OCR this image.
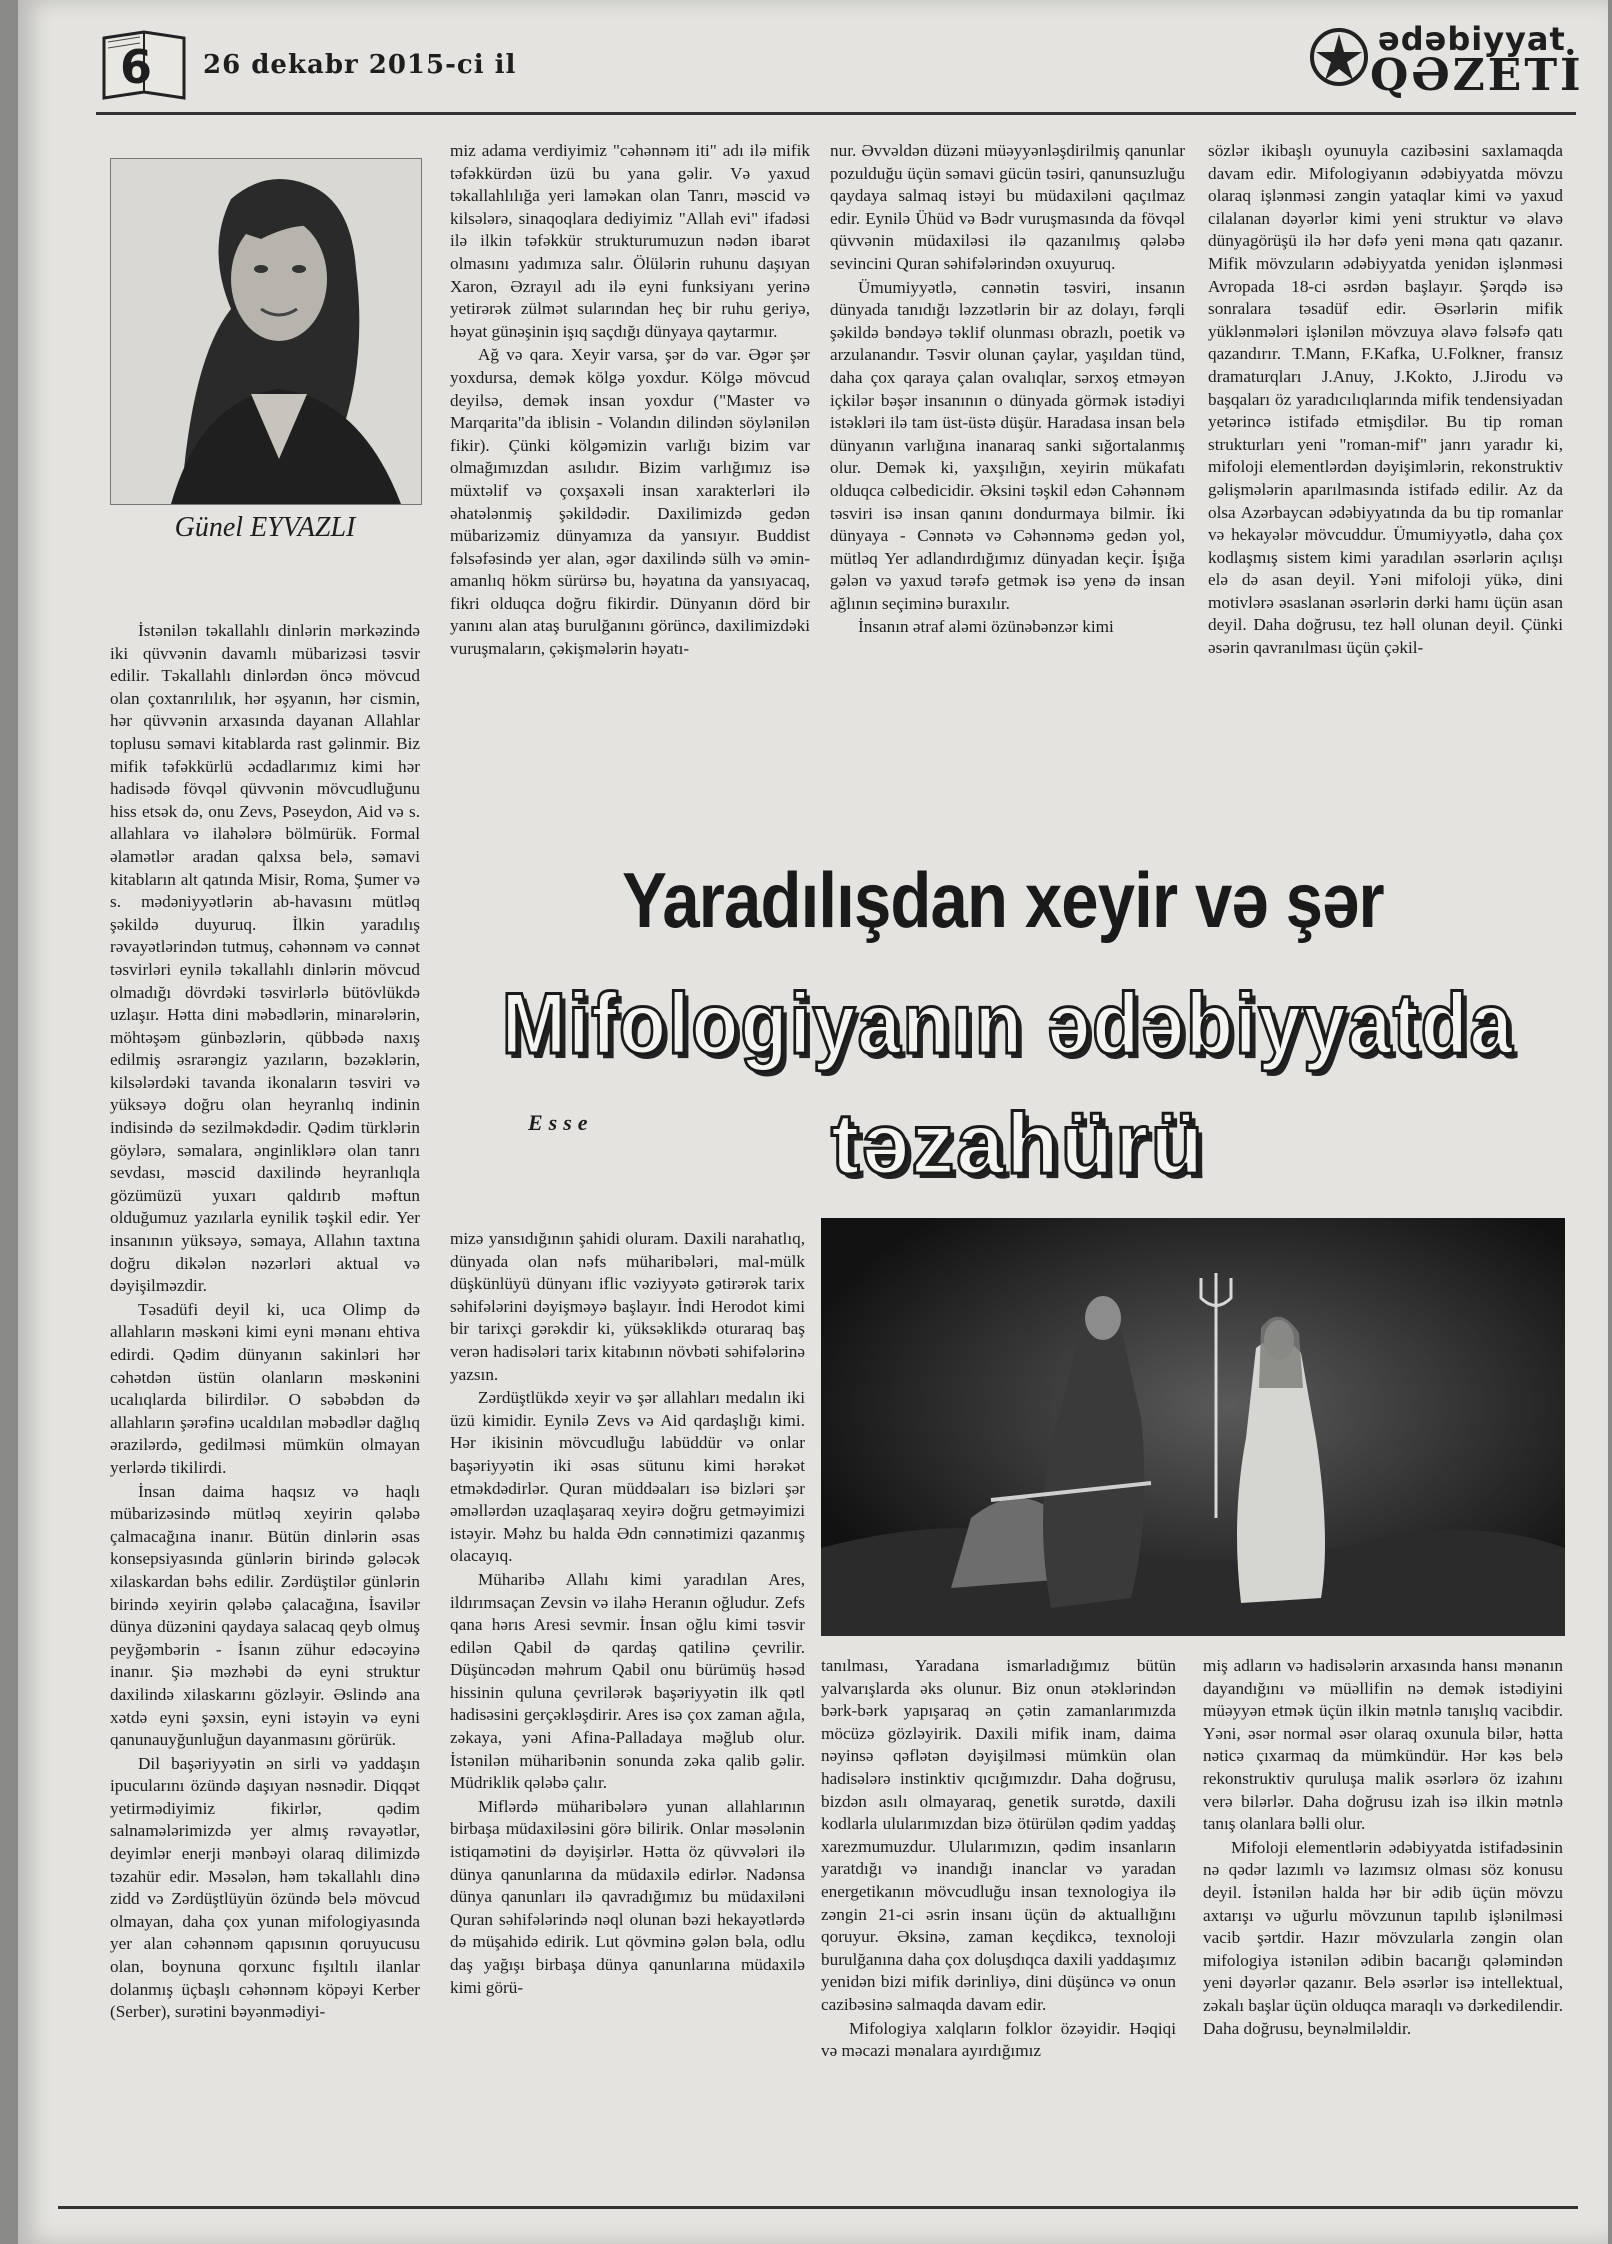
6 26 dekabr 2015-ci il
ədəbiyyat
QƏZETİ
Günel EYVAZLI

İstənilən təkallahlı dinlərin mərkəzində iki qüvvənin davamlı mübarizəsi təsvir edilir. Təkallahlı dinlərdən öncə mövcud olan çoxtanrılılık, hər əşyanın, hər cismin, hər qüvvənin arxasında dayanan Allahlar toplusu səmavi kitablarda rast gəlinmir. Biz mifik təfəkkürlü əcdadlarımız kimi hər hadisədə fövqəl qüvvənin mövcudluğunu hiss etsək də, onu Zevs, Pəseydon, Aid və s. allahlara və ilahələrə bölmürük. Formal əlamətlər aradan qalxsa belə, səmavi kitabların alt qatında Misir, Roma, Şumer və s. mədəniyyətlərin ab-havasını mütləq şəkildə duyuruq. İlkin yaradılış rəvayətlərindən tutmuş, cəhənnəm və cənnət təsvirləri eynilə təkallahlı dinlərin mövcud olmadığı dövrdəki təsvirlərlə bütövlükdə uzlaşır. Hətta dini məbədlərin, minarələrin, möhtəşəm günbəzlərin, qübbədə naxış edilmiş əsrarəngiz yazıların, bəzəklərin, kilsələrdəki tavanda ikonaların təsviri və yüksəyə doğru olan heyranlıq indinin indisində də sezilməkdədir. Qədim türklərin göylərə, səmalara, ənginliklərə olan tanrı sevdası, məscid daxilində heyranlıqla gözümüzü yuxarı qaldırıb məftun olduğumuz yazılarla eynilik təşkil edir. Yer insanının yüksəyə, səmaya, Allahın taxtına doğru dikələn nəzərləri aktual və dəyişilməzdir.

Təsadüfi deyil ki, ucа Olimp də allahların məskəni kimi eyni mənanı ehtiva edirdi. Qədim dünyanın sakinləri hər cəhətdən üstün olanların məskənini ucalıqlarda bilirdilər. O səbəbdən də allahların şərəfinə ucaldılan məbədlər dağlıq ərazilərdə, gedilməsi mümkün olmayan yerlərdə tikilirdi.

İnsan daima haqsız və haqlı mübarizəsində mütləq xeyirin qələbə çalmacağına inanır. Bütün dinlərin əsas konsepsiyasında günlərin birində gələcək xilaskardan bəhs edilir. Zərdüştilər günlərin birində xeyirin qələbə çalacağına, İsavilər dünya düzənini qaydaya salacaq qeyb olmuş peyğəmbərin - İsanın zühur edəcəyinə inanır. Şiə məzhəbi də eyni struktur daxilində xilaskarını gözləyir. Əslində ana xətdə eyni şəxsin, eyni istəyin və eyni qanunauyğunluğun dayanmasını görürük.

Dil başəriyyətin ən sirli və yaddaşın ipucularını özündə daşıyan nəsnədir. Diqqət yetirmədiyimiz fikirlər, qədim salnamələrimizdə yer almış rəvayətlər, deyimlər enerji mənbəyi olaraq dilimizdə təzahür edir. Məsələn, həm təkallahlı dinə zidd və Zərdüştlüyün özündə belə mövcud olmayan, daha çox yunan mifologiyasında yer alan cəhənnəm qapısının qoruyucusu olan, boynuna qorxunc fışıltılı ilanlar dolanmış üçbaşlı cəhənnəm köpəyi Kerber (Serber), surətini bəyənmədiyi-

miz adama verdiyimiz "cəhənnəm iti" adı ilə mifik təfəkkürdən üzü bu yana gəlir. Və yaxud təkallahlılığa yeri laməkan olan Tanrı, məscid və kilsələrə, sinaqoqlara dediyimiz "Allah evi" ifadəsi ilə ilkin təfəkkür strukturumuzun nədən ibarət olmasını yadımıza salır. Ölülərin ruhunu daşıyan Xaron, Əzrayıl adı ilə eyni funksiyanı yerinə yetirərək zülmət sularından heç bir ruhu geriyə, həyat günəşinin işıq saçdığı dünyaya qaytarmır.

Ağ və qara. Xeyir varsa, şər də var. Əgər şər yoxdursa, demək kölgə yoxdur. Kölgə mövcud deyilsə, demək insan yoxdur ("Master və Marqarita"da iblisin - Volandın dilindən söylənilən fikir). Çünki kölgəmizin varlığı bizim var olmağımızdan asılıdır. Bizim varlığımız isə müxtəlif və çoxşaxəli insan xarakterləri ilə əhatələnmiş şəkildədir. Daxilimizdə gedən mübarizəmiz dünyamıza da yansıyır. Buddist fəlsəfəsində yer alan, əgər daxilində sülh və əmin-amanlıq hökm sürürsə bu, həyatına da yansıyacaq, fikri olduqca doğru fikirdir. Dünyanın dörd bir yanını alan ataş burulğanını görüncə, daxilimizdəki vuruşmaların, çəkişmələrin həyatı-

nur. Əvvəldən düzəni müəyyənləşdirilmiş qanunlar pozulduğu üçün səmavi gücün təsiri, qanunsuzluğu qaydaya salmaq istəyi bu müdaxiləni qaçılmaz edir. Eynilə Ühüd və Bədr vuruşmasında da fövqəl qüvvənin müdaxiləsi ilə qazanılmış qələbə sevincini Quran səhifələrindən oxuyuruq.

Ümumiyyətlə, cənnətin təsviri, insanın dünyada tanıdığı ləzzətlərin bir az dolayı, fərqli şəkildə bəndəyə təklif olunması obrazlı, poetik və arzulanandır. Təsvir olunan çaylar, yaşıldan tünd, daha çox qaraya çalan ovalıqlar, sərxoş etməyən içkilər bəşər insanının o dünyada görmək istədiyi istəkləri ilə tam üst-üstə düşür. Haradasa insan belə dünyanın varlığına inanaraq sanki sığortalanmış olur. Demək ki, yaxşılığın, xeyirin mükafatı olduqca cəlbedicidir. Əksini təşkil edən Cəhənnəm təsviri isə insan qanını dondurmaya bilmir. İki dünyaya - Cənnətə və Cəhənnəmə gedən yol, mütləq Yer adlandırdığımız dünyadan keçir. İşığa gələn və yaxud tərəfə getmək isə yenə də insan ağlının seçiminə buraxılır.

İnsanın ətraf aləmi özünəbənzər kimi

sözlər ikibaşlı oyunuyla cazibəsini saxlamaqda davam edir. Mifologiyanın ədəbiyyatda mövzu olaraq işlənməsi zəngin yataqlar kimi və yaxud cilalanan dəyərlər kimi yeni struktur və əlavə dünyagörüşü ilə hər dəfə yeni məna qatı qazanır. Mifik mövzuların ədəbiyyatda yenidən işlənməsi Avropada 18-ci əsrdən başlayır. Şərqdə isə sonralara təsadüf edir. Əsərlərin mifik yüklənmələri işlənilən mövzuya əlavə fəlsəfə qatı qazandırır. T.Mann, F.Kafka, U.Folkner, fransız dramaturqları J.Anuy, J.Kokto, J.Jirodu və başqaları öz yaradıcılıqlarında mifik tendensiyadan yetərincə istifadə etmişdilər. Bu tip roman strukturları yeni "roman-mif" janrı yaradır ki, mifoloji elementlərdən dəyişimlərin, rekonstruktiv gəlişmələrin aparılmasında istifadə edilir. Az da olsa Azərbaycan ədəbiyyatında da bu tip romanlar və hekayələr mövcuddur. Ümumiyyətlə, daha çox kodlaşmış sistem kimi yaradılan əsərlərin açılışı elə də asan deyil. Yəni mifoloji yükə, dini motivlərə əsaslanan əsərlərin dərki hamı üçün asan deyil. Daha doğrusu, tez həll olunan deyil. Çünki əsərin qavranılması üçün çəkil-

Yaradılışdan xeyir və şər
Mifologiyanın ədəbiyyatda
Esse	təzahürü

mizə yansıdığının şahidi oluram. Daxili narahatlıq, dünyada olan nəfs müharibələri, mal-mülk düşkünlüyü dünyanı iflic vəziyyətə gətirərək tarix səhifələrini dəyişməyə başlayır. İndi Herodot kimi bir tarixçi gərəkdir ki, yüksəklikdə oturaraq baş verən hadisələri tarix kitabının növbəti səhifələrinə yazsın.

Zərdüştlükdə xeyir və şər allahları medalın iki üzü kimidir. Eynilə Zevs və Aid qardaşlığı kimi. Hər ikisinin mövcudluğu labüddür və onlar başəriyyətin iki əsas sütunu kimi hərəkət etməkdədirlər. Quran müddəaları isə bizləri şər əməllərdən uzaqlaşaraq xeyirə doğru getməyimizi istəyir. Məhz bu halda Ədn cənnətimizi qazanmış olacayıq.

Müharibə Allahı kimi yaradılan Ares, ildırımsaçan Zevsin və ilahə Heranın oğludur. Zefs qana hərıs Aresi sevmir. İnsan oğlu kimi təsvir edilən Qabil də qardaş qatilinə çevrilir. Düşüncədən məhrum Qabil onu bürümüş həsəd hissinin quluna çevrilərək başəriyyətin ilk qətl hadisəsini gerçəkləşdirir. Ares isə çox zaman ağıla, zəkaya, yəni Afina-Palladaya məğlub olur. İstənilən müharibənin sonunda zəka qalib gəlir. Müdriklik qələbə çalır.

Miflərdə müharibələrə yunan allahlarının birbaşa müdaxiləsini görə bilirik. Onlar məsələnin istiqamətini də dəyişirlər. Hətta öz qüvvələri ilə dünya qanunlarına da müdaxilə edirlər. Nadənsa dünya qanunları ilə qavradığımız bu müdaxiləni Quran səhifələrində nəql olunan bəzi hekayətlərdə də müşahidə edirik. Lut qövminə gələn bəla, odlu daş yağışı birbaşa dünya qanunlarına müdaxilə kimi görü-

tanılması, Yaradana ismarladığımız bütün yalvarışlarda əks olunur. Biz onun ətəklərindən bərk-bərk yapışaraq ən çətin zamanlarımızda möcüzə gözləyirik. Daxili mifik inam, daima nəyinsə qəflətən dəyişilməsi mümkün olan hadisələrə instinktiv qıcığımızdır. Daha doğrusu, bizdən asılı olmayaraq, genetik surətdə, daxili kodlarla ulularımızdan bizə ötürülən qədim yaddaş xarezmumuzdur. Ulularımızın, qədim insanların yaratdığı və inandığı inanclar və yaradan energetikanın mövcudluğu insan texnologiya ilə zəngin 21-ci əsrin insanı üçün də aktuallığını qoruyur. Əksinə, zaman keçdikcə, texnoloji burulğanına daha çox doluşdıqca daxili yaddaşımız yenidən bizi mifik dərinliyə, dini düşüncə və onun cazibəsinə salmaqda davam edir.

Mifologiya xalqların folklor özəyidir. Həqiqi və məcazi mənalara ayırdığımız

miş adların və hadisələrin arxasında hansı mənanın dayandığını və müəllifin nə demək istədiyini müəyyən etmək üçün ilkin mətnlə tanışlıq vacibdir. Yəni, əsər normal əsər olaraq oxunula bilər, hətta nəticə çıxarmaq da mümkündür. Hər kəs belə rekonstruktiv quruluşa malik əsərlərə öz izahını verə bilərlər. Daha doğrusu izah isə ilkin mətnlə tanış olanlara bəlli olur.

Mifoloji elementlərin ədəbiyyatda istifadəsinin nə qədər lazımlı və lazımsız olması söz konusu deyil. İstənilən halda hər bir ədib üçün mövzu axtarışı və uğurlu mövzunun tapılıb işlənilməsi vacib şərtdir. Hazır mövzularla zəngin olan mifologiya istənilən ədibin bacarığı qələmindən yeni dəyərlər qazanır. Belə əsərlər isə intellektual, zəkalı başlar üçün olduqca maraqlı və dərkedilendir. Daha doğrusu, beynəlmiləldir.
